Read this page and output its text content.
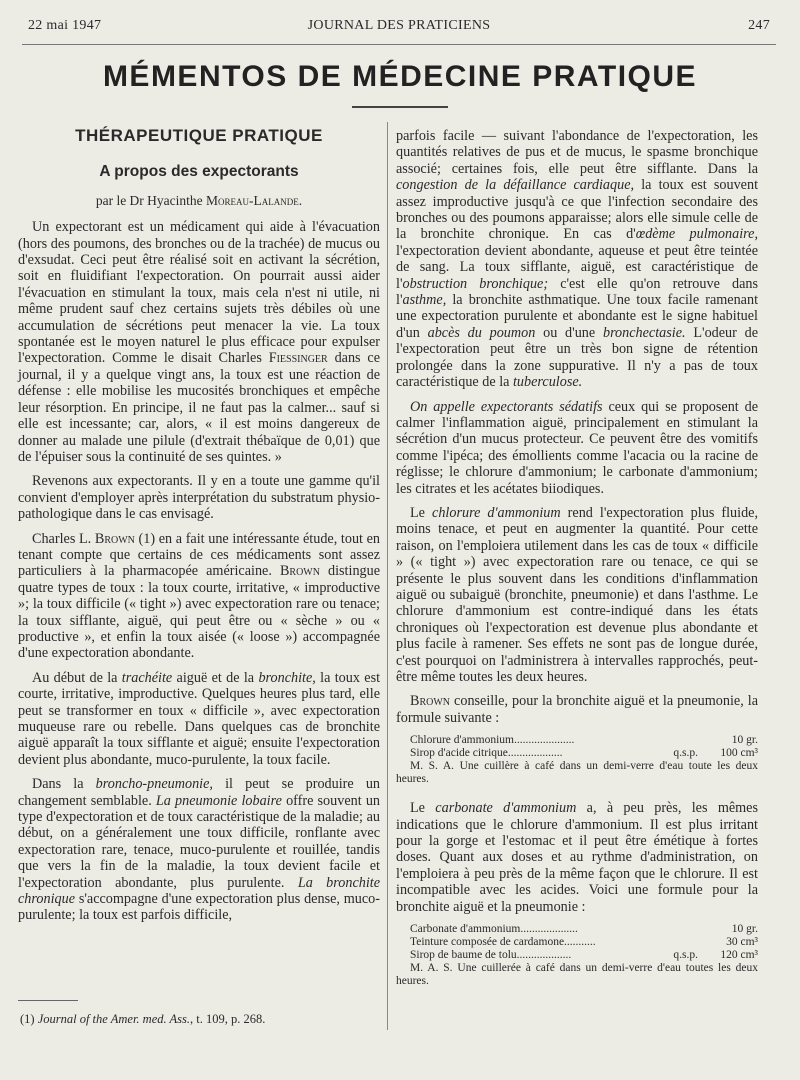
22 mai 1947	JOURNAL DES PRATICIENS	247
MÉMENTOS DE MÉDECINE PRATIQUE
THÉRAPEUTIQUE PRATIQUE
A propos des expectorants
par le Dr Hyacinthe Moreau-Lalande.

Un expectorant est un médicament qui aide à l'évacuation (hors des poumons, des bronches ou de la trachée) de mucus ou d'exsudat. Ceci peut être réalisé soit en activant la sécrétion, soit en fluidifiant l'expectoration. On pourrait aussi aider l'évacuation en stimulant la toux, mais cela n'est ni utile, ni même prudent sauf chez certains sujets très débiles où une accumulation de sécrétions peut menacer la vie. La toux spontanée est le moyen naturel le plus efficace pour expulser l'expectoration. Comme le disait Charles Fiessinger dans ce journal, il y a quelque vingt ans, la toux est une réaction de défense : elle mobilise les mucosités bronchiques et empêche leur résorption. En principe, il ne faut pas la calmer... sauf si elle est incessante; car, alors, « il est moins dangereux de donner au malade une pilule (d'extrait thébaïque de 0,01) que de l'épuiser sous la continuité de ses quintes. »

Revenons aux expectorants. Il y en a toute une gamme qu'il convient d'employer après interprétation du substratum physio-pathologique dans le cas envisagé.

Charles L. Brown (1) en a fait une intéressante étude, tout en tenant compte que certains de ces médicaments sont assez particuliers à la pharmacopée américaine. Brown distingue quatre types de toux : la toux courte, irritative, « improductive »; la toux difficile (« tight ») avec expectoration rare ou tenace; la toux sifflante, aiguë, qui peut être ou « sèche » ou « productive », et enfin la toux aisée (« loose ») accompagnée d'une expectoration abondante.

Au début de la trachéite aiguë et de la bronchite, la toux est courte, irritative, improductive. Quelques heures plus tard, elle peut se transformer en toux « difficile », avec expectoration muqueuse rare ou rebelle. Dans quelques cas de bronchite aiguë apparaît la toux sifflante et aiguë; ensuite l'expectoration devient plus abondante, muco-purulente, la toux facile.

Dans la broncho-pneumonie, il peut se produire un changement semblable. La pneumonie lobaire offre souvent un type d'expectoration et de toux caractéristique de la maladie; au début, on a généralement une toux difficile, ronflante avec expectoration rare, tenace, muco-purulente et rouillée, tandis que vers la fin de la maladie, la toux devient facile et l'expectoration abondante, plus purulente. La bronchite chronique s'accompagne d'une expectoration plus dense, muco-purulente; la toux est parfois difficile,

(1) Journal of the Amer. med. Ass., t. 109, p. 268.

parfois facile — suivant l'abondance de l'expectoration, les quantités relatives de pus et de mucus, le spasme bronchique associé; certaines fois, elle peut être sifflante. Dans la congestion de la défaillance cardiaque, la toux est souvent assez improductive jusqu'à ce que l'infection secondaire des bronches ou des poumons apparaisse; alors elle simule celle de la bronchite chronique. En cas d'œdème pulmonaire, l'expectoration devient abondante, aqueuse et peut être teintée de sang. La toux sifflante, aiguë, est caractéristique de l'obstruction bronchique; c'est elle qu'on retrouve dans l'asthme, la bronchite asthmatique. Une toux facile ramenant une expectoration purulente et abondante est le signe habituel d'un abcès du poumon ou d'une bronchectasie. L'odeur de l'expectoration peut être un très bon signe de rétention prolongée dans la zone suppurative. Il n'y a pas de toux caractéristique de la tuberculose.

On appelle expectorants sédatifs ceux qui se proposent de calmer l'inflammation aiguë, principalement en stimulant la sécrétion d'un mucus protecteur. Ce peuvent être des vomitifs comme l'ipéca; des émollients comme l'acacia ou la racine de réglisse; le chlorure d'ammonium; le carbonate d'ammonium; les citrates et les acétates biiodiques.

Le chlorure d'ammonium rend l'expectoration plus fluide, moins tenace, et peut en augmenter la quantité. Pour cette raison, on l'emploiera utilement dans les cas de toux « difficile » (« tight ») avec expectoration rare ou tenace, ce qui se présente le plus souvent dans les conditions d'inflammation aiguë ou subaiguë (bronchite, pneumonie) et dans l'asthme. Le chlorure d'ammonium est contre-indiqué dans les états chroniques où l'expectoration est devenue plus abondante et plus facile à ramener. Ses effets ne sont pas de longue durée, c'est pourquoi on l'administrera à intervalles rapprochés, peut-être même toutes les deux heures.

Brown conseille, pour la bronchite aiguë et la pneumonie, la formule suivante :

Chlorure d'ammonium.....................	10 gr.
Sirop d'acide citrique...................	q.s.p.	100 cm³
M. S. A. Une cuillère à café dans un demi-verre d'eau toute les deux heures.

Le carbonate d'ammonium a, à peu près, les mêmes indications que le chlorure d'ammonium. Il est plus irritant pour la gorge et l'estomac et il peut être émétique à fortes doses. Quant aux doses et au rythme d'administration, on l'emploiera à peu près de la même façon que le chlorure. Il est incompatible avec les acides. Voici une formule pour la bronchite aiguë et la pneumonie :

Carbonate d'ammonium....................	10 gr.
Teinture composée de cardamone...........	30 cm³
Sirop de baume de tolu...................	q.s.p.	120 cm³
M. A. S. Une cuillerée à café dans un demi-verre d'eau toutes les deux heures.
